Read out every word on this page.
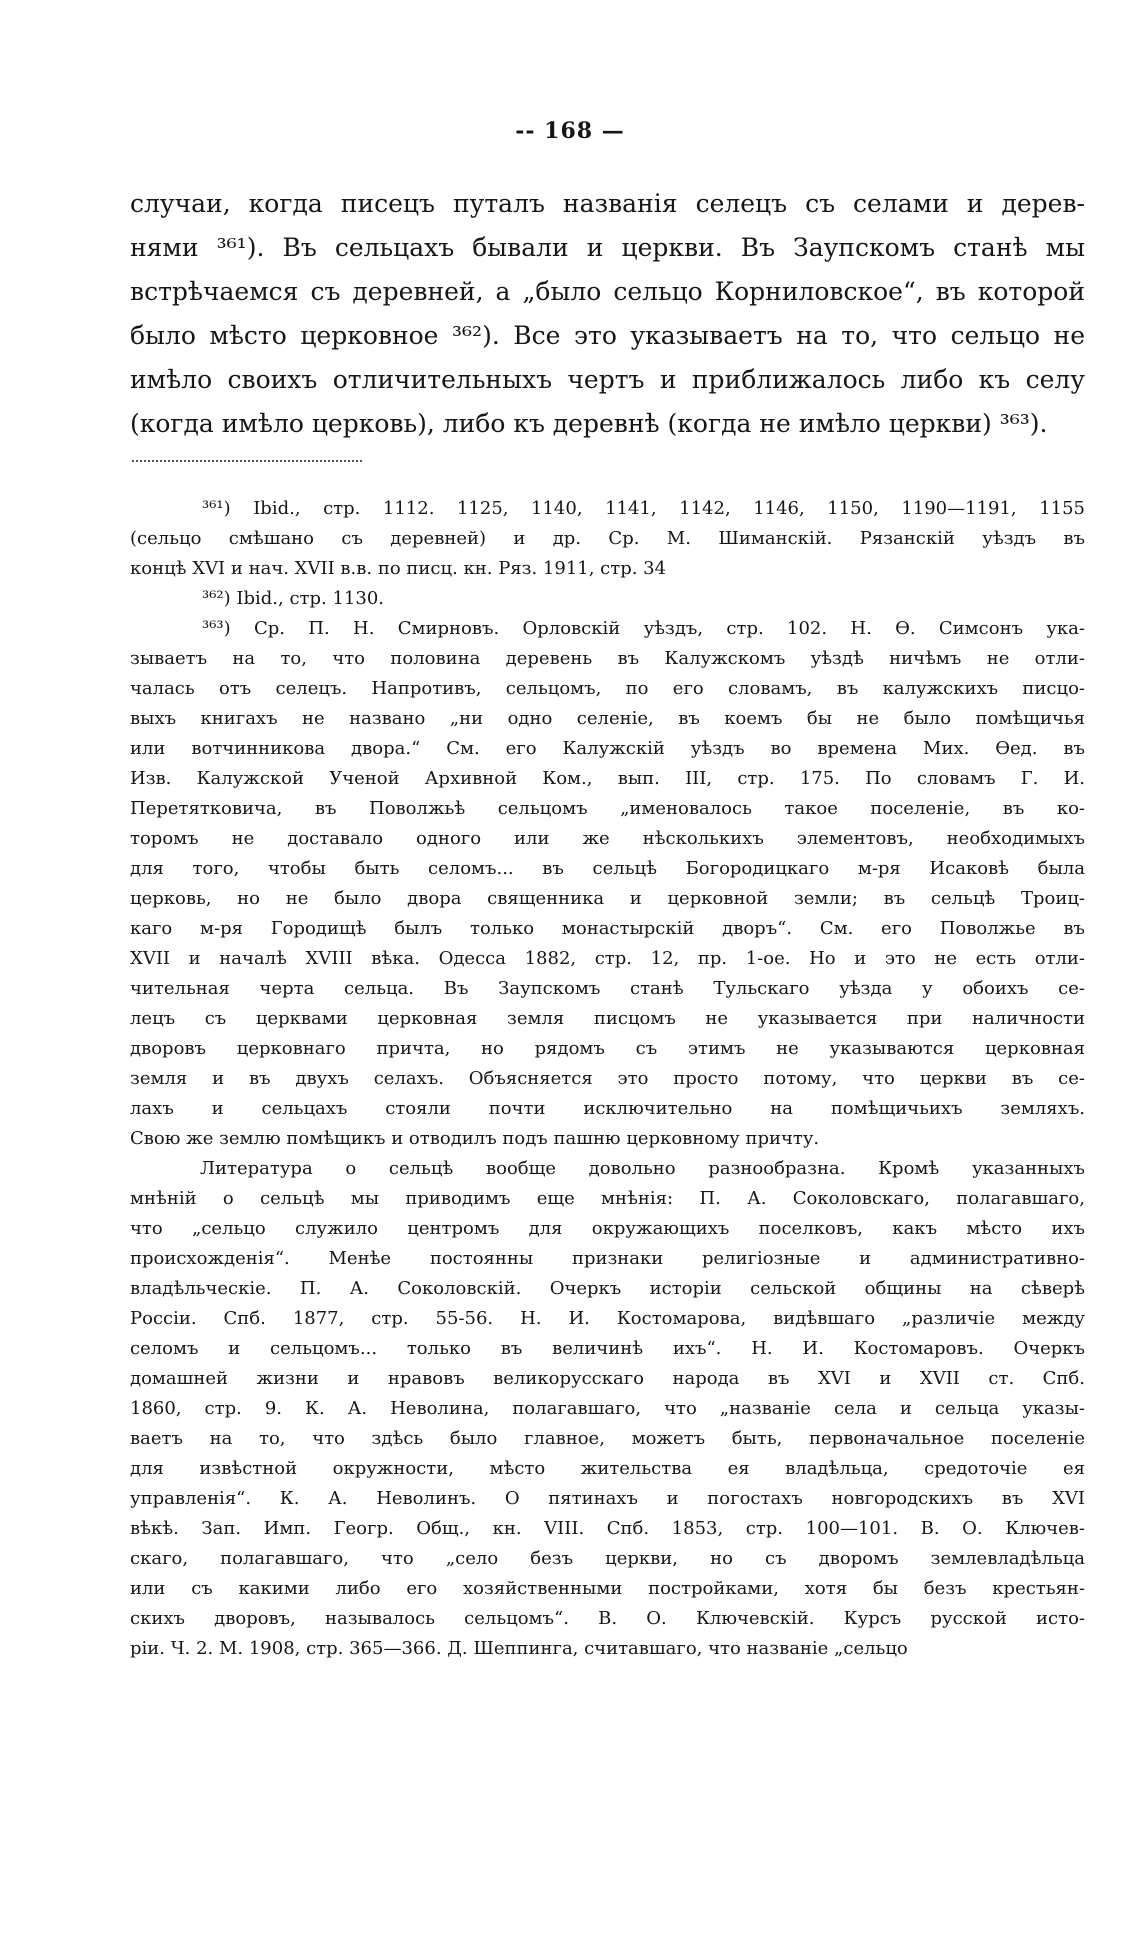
-- 168 —
случаи, когда писецъ путалъ названія селецъ съ селами и дерев-
нями ³⁶¹). Въ сельцахъ бывали и церкви. Въ Заупскомъ станѣ мы
встрѣчаемся съ деревней, а „было сельцо Корниловское“, въ которой
было мѣсто церковное ³⁶²). Все это указываетъ на то, что сельцо не
имѣло своихъ отличительныхъ чертъ и приближалось либо къ селу
(когда имѣло церковь), либо къ деревнѣ (когда не имѣло церкви) ³⁶³).
³⁶¹) Ibid., стр. 1112. 1125, 1140, 1141, 1142, 1146, 1150, 1190—1191, 1155
(сельцо смѣшано съ деревней) и др. Ср. М. Шиманскій. Рязанскій уѣздъ въ
концѣ XVI и нач. XVII в.в. по писц. кн. Ряз. 1911, стр. 34
³⁶²) Ibid., стр. 1130.
³⁶³) Ср. П. Н. Смирновъ. Орловскій уѣздъ, стр. 102. Н. Ѳ. Симсонъ ука-
зываетъ на то, что половина деревень въ Калужскомъ уѣздѣ ничѣмъ не отли-
чалась отъ селецъ. Напротивъ, сельцомъ, по его словамъ, въ калужскихъ писцо-
выхъ книгахъ не названо „ни одно селеніе, въ коемъ бы не было помѣщичья
или вотчинникова двора.“ См. его Калужскій уѣздъ во времена Мих. Ѳед. въ
Изв. Калужской Ученой Архивной Ком., вып. III, стр. 175. По словамъ Г. И.
Перетятковича, въ Поволжьѣ сельцомъ „именовалось такое поселеніе, въ ко-
торомъ не доставало одного или же нѣсколькихъ элементовъ, необходимыхъ
для того, чтобы быть селомъ... въ сельцѣ Богородицкаго м-ря Исаковѣ была
церковь, но не было двора священника и церковной земли; въ сельцѣ Троиц-
каго м-ря Городищѣ былъ только монастырскій дворъ“. См. его Поволжье въ
XVII и началѣ XVIII вѣка. Одесса 1882, стр. 12, пр. 1-ое. Но и это не есть отли-
чительная черта сельца. Въ Заупскомъ станѣ Тульскаго уѣзда у обоихъ се-
лецъ съ церквами церковная земля писцомъ не указывается при наличности
дворовъ церковнаго причта, но рядомъ съ этимъ не указываются церковная
земля и въ двухъ селахъ. Объясняется это просто потому, что церкви въ се-
лахъ и сельцахъ стояли почти исключительно на помѣщичьихъ земляхъ.
Свою же землю помѣщикъ и отводилъ подъ пашню церковному причту.
Литература о сельцѣ вообще довольно разнообразна. Кромѣ указанныхъ
мнѣній о сельцѣ мы приводимъ еще мнѣнія: П. А. Соколовскаго, полагавшаго,
что „сельцо служило центромъ для окружающихъ поселковъ, какъ мѣсто ихъ
происхожденія“. Менѣе постоянны признаки религіозные и административно-
владѣльческіе. П. А. Соколовскій. Очеркъ исторіи сельской общины на сѣверѣ
Россіи. Спб. 1877, стр. 55-56. Н. И. Костомарова, видѣвшаго „различіе между
селомъ и сельцомъ... только въ величинѣ ихъ“. Н. И. Костомаровъ. Очеркъ
домашней жизни и нравовъ великорусскаго народа въ XVI и XVII ст. Спб.
1860, стр. 9. К. А. Неволина, полагавшаго, что „названіе села и сельца указы-
ваетъ на то, что здѣсь было главное, можетъ быть, первоначальное поселеніе
для извѣстной окружности, мѣсто жительства ея владѣльца, средоточіе ея
управленія“. К. А. Неволинъ. О пятинахъ и погостахъ новгородскихъ въ XVI
вѣкѣ. Зап. Имп. Геогр. Общ., кн. VIII. Спб. 1853, стр. 100—101. В. О. Ключев-
скаго, полагавшаго, что „село безъ церкви, но съ дворомъ землевладѣльца
или съ какими либо его хозяйственными постройками, хотя бы безъ крестьян-
скихъ дворовъ, называлось сельцомъ“. В. О. Ключевскій. Курсъ русской исто-
ріи. Ч. 2. М. 1908, стр. 365—366. Д. Шеппинга, считавшаго, что названіе „сельцо
